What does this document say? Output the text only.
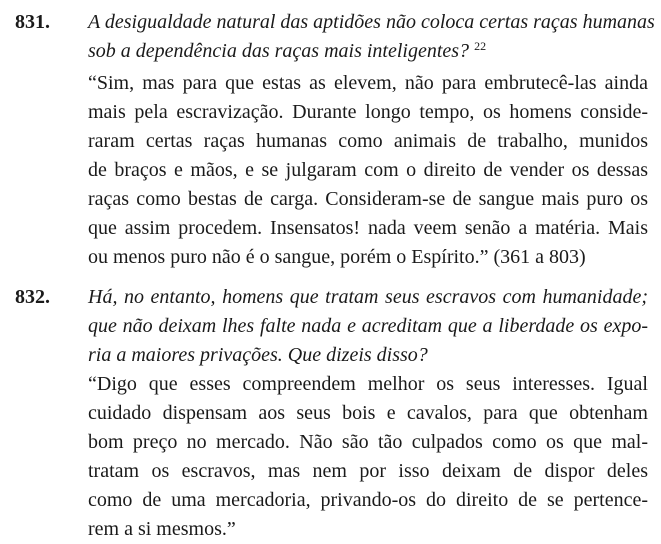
831. A desigualdade natural das aptidões não coloca certas raças humanas
sob a dependência das raças mais inteligentes? $^{22}$
“Sim, mas para que estas as elevem, não para embrutecê-las ainda
mais pela escravização. Durante longo tempo, os homens conside-
raram certas raças humanas como animais de trabalho, munidos
de braços e mãos, e se julgaram com o direito de vender os dessas
raças como bestas de carga. Consideram-se de sangue mais puro os
que assim procedem. Insensatos! nada veem senão a matéria. Mais
ou menos puro não é o sangue, porém o Espírito.” (361 a 803)
832. Há, no entanto, homens que tratam seus escravos com humanidade;
que não deixam lhes falte nada e acreditam que a liberdade os expo-
ria a maiores privações. Que dizeis disso?
“Digo que esses compreendem melhor os seus interesses. Igual
cuidado dispensam aos seus bois e cavalos, para que obtenham
bom preço no mercado. Não são tão culpados como os que mal-
tratam os escravos, mas nem por isso deixam de dispor deles
como de uma mercadoria, privando-os do direito de se pertence-
rem a si mesmos.”
